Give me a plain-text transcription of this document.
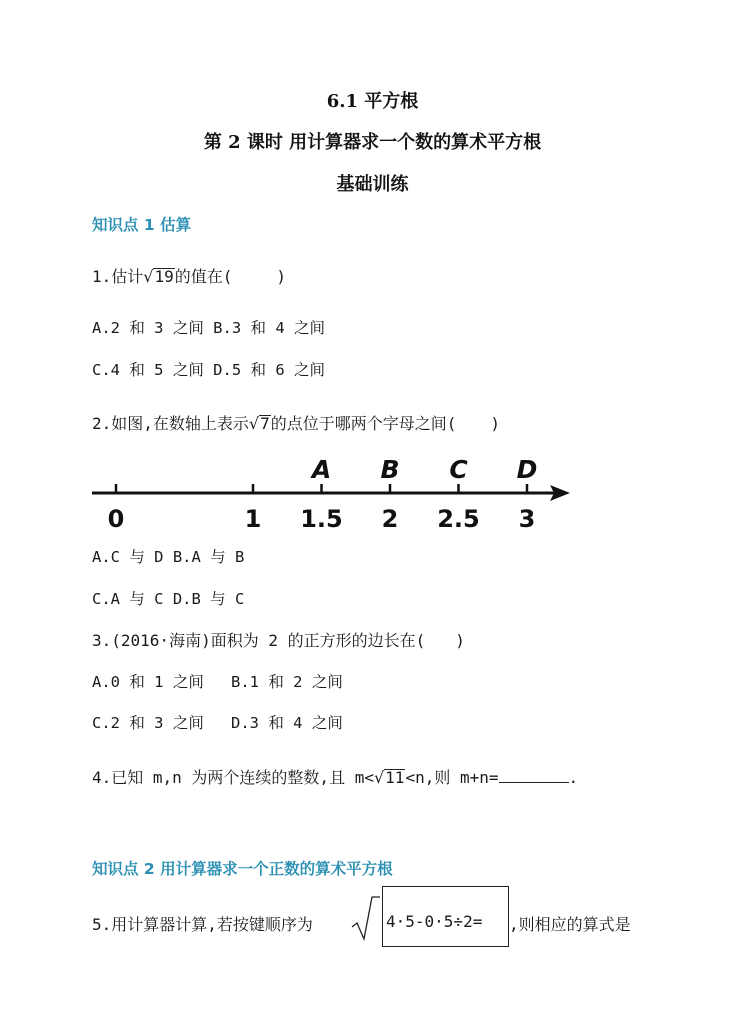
6.1 平方根
第 2 课时 用计算器求一个数的算术平方根
基础训练
知识点 1 估算
1.估计√19的值在(	)
A.2 和 3 之间 B.3 和 4 之间
C.4 和 5 之间 D.5 和 6 之间
2.如图,在数轴上表示√7的点位于哪两个字母之间( )
0	1 1.5 2 2.5 3
A B C D
A.C 与 D B.A 与 B
C.A 与 C D.B 与 C
3.(2016·海南)面积为 2 的正方形的边长在( )
A.0 和 1 之间 B.1 和 2 之间
C.2 和 3 之间 D.3 和 4 之间
4.已知 m,n 为两个连续的整数,且 m<√11<n,则 m+n=	.
知识点 2 用计算器求一个正数的算术平方根
5.用计算器计算,若按键顺序为	4·5-0·5÷2= ,则相应的算式是
